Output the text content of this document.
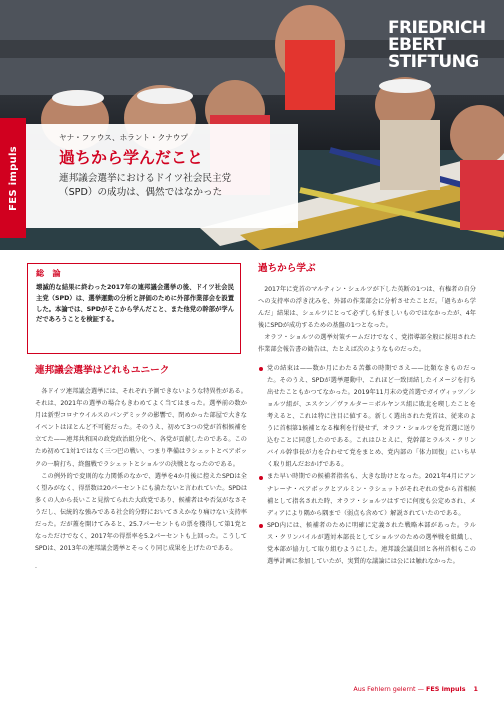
FRIEDRICH
EBERT
STIFTUNG
FES impuls
ヤナ・ファウス、ホラント・クナウプ
過ちから学んだこと
連邦議会選挙におけるドイツ社会民主党
（SPD）の成功は、偶然ではなかった
総　論
壊滅的な結果に終わった2017年の連邦議会選挙の後、ドイツ社会民主党（SPD）は、選挙運動の分析と評価のために外部作業部会を設置した。本論では、SPDがそこから学んだこと、また他党の幹部が学んだであろうことを検証する。
連邦議会選挙はどれもユニーク

各ドイツ連邦議会選挙には、それぞれ予測できないような特異性がある。それは、2021年の選挙の場合もきわめてよく当てはまった。選挙前の数か月は新型コロナウイルスのパンデミックの影響で、閉めかった部屋で大きなイベントはほとんど不可能だった。そのうえ、初めて3つの党が首相候補を立てた——連邦共和国の政党政治組分化へ、各党が貢献したのである。このため初めて1対1ではなく三つ巴の戦い、つまり準備はラシェットとベアボックの一騎打ち、終盤戦でラシェットとショルツの決戦となったのである。

この例外的で変則的な力関係のなかで、選挙を4か月後に控えたSPDは全く望みがなく、得票数は20パーセントにも満たないと言われていた。SPDは多くの人から長いこと見捨てられた大政党であり、候補者はや否気がなさそうだし、伝統的な強みである社会的分野においてさえかなり痛けない支持率だった。だが蓋を開けてみると、25.7パーセントもの票を獲得して第1党となっただけでなく、2017年の得票率を5.2パーセントも上回った。こうしてSPDは、2013年の連邦議会選挙とそっくり同じ成果を上げたのである。

.

過ちから学ぶ

2017年に党首のマルティン・シュルツが下した英断の1つは、有権者の自分への支持率の浮き沈みを、外部の作業部会に分析させたことだ。「過ちから学んだ」結果は、シュルツにとって必ずしも好ましいものではなかったが、4年後にSPDが成功するための基盤の1つとなった。

オラフ・ショルツの選挙対策チームだけでなく、党指導部全般に採用された作業部会報告書の勧告は、たとえば次のようなものだった。

党の結束は——数か月にわたる苦難の時期でさえ——比類なきものだった。そのうえ、SPDが選挙運動中、これほど一致団結したイメージを打ち出せたこともかつてなかった。2019年11月末の党首選でガイヴィッツ／ショルツ組が、エスケン／ヴァルター＝ボルヤンス組に敗北を喫したことを考えると、これは特に注目に値する。新しく選出された党首は、従来のように首相第1候補となる権利を行使せず、オラフ・ショルツを党首選に送り込むことに同意したのである。これはひとえに、党幹部とラルス・クリンバイル幹事長が力を合わせて党をまとめ、党内部の「体力回復」にいち早く取り組んだおかげである。
また早い時期での候補者指名も、大きな助けとなった。2021年4月にアンナレーナ・ベアボックとアルミン・ラシェットがそれぞれの党から首相候補として指名された時、オラフ・ショルツはすでに何度も公定めされ、メディアにより隅から隅まで（弱点も含めて）解説されていたのである。
SPD内には、候補者のために明確に定義された戦略本部があった。ラルス・クリンバイルが選対本部長としてショルツのための選挙戦を組織し、党本部が協力して取り組むようにした。連邦議会議員団と各州首相もこの選挙計画に参加していたが、実質的な議論には公には触れなかった。
Aus Fehlern gelernt — FES impuls 1
